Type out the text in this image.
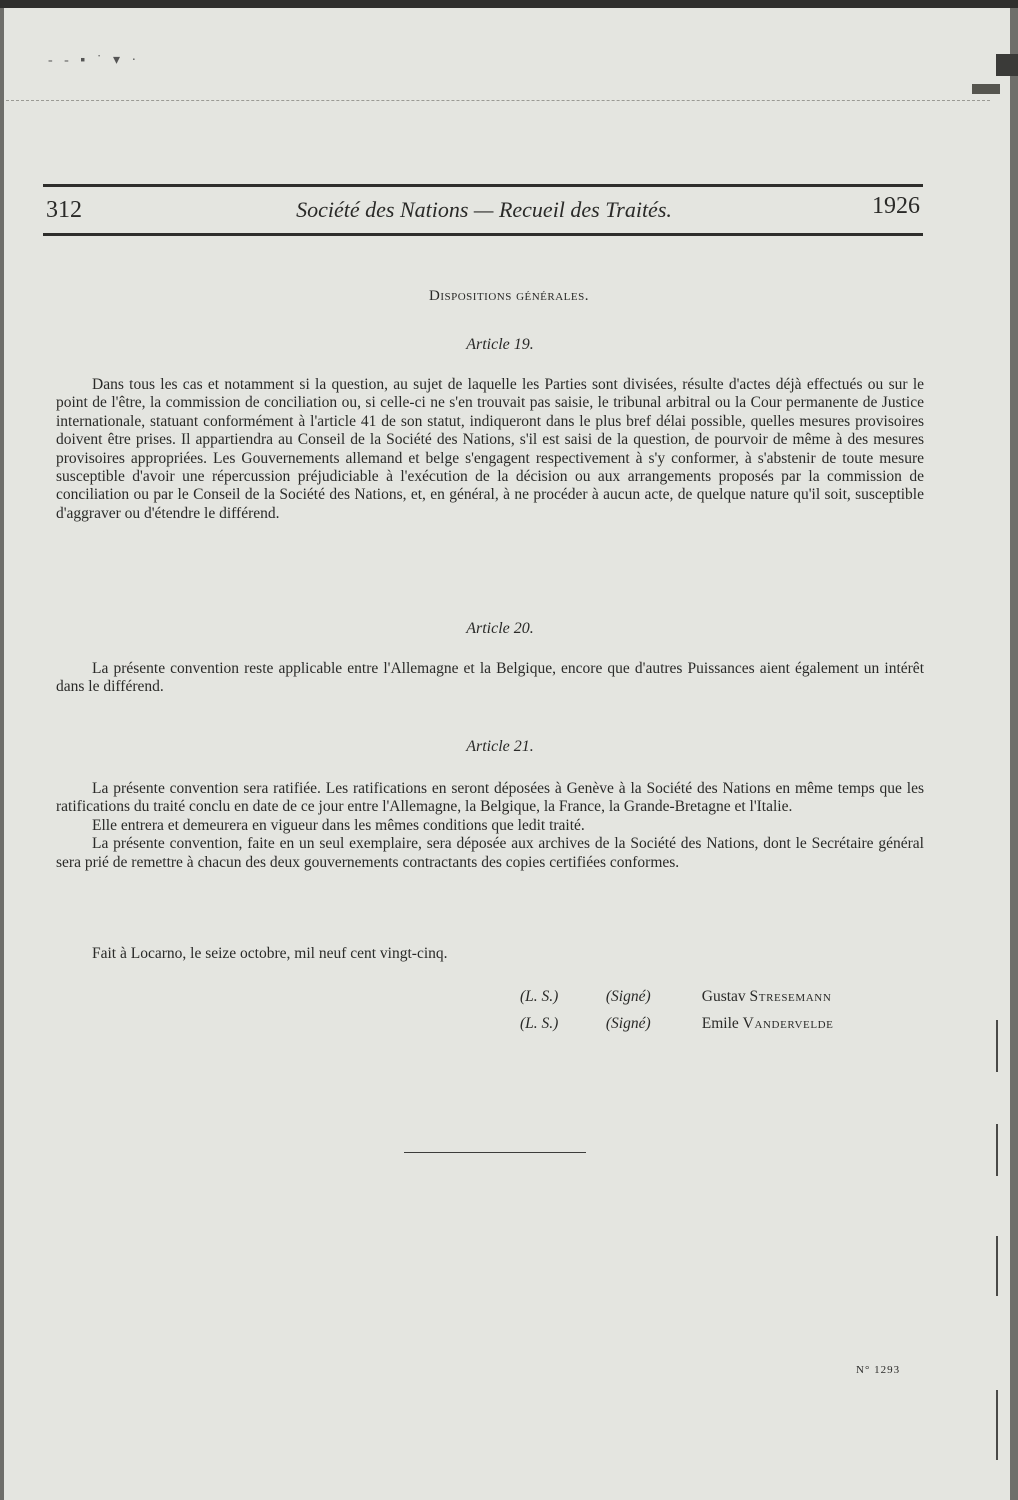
- - ▪ ˙ ▾ ·
312	Société des Nations — Recueil des Traités.	1926
Dispositions générales.
Article 19.

Dans tous les cas et notamment si la question, au sujet de laquelle les Parties sont divisées, résulte d'actes déjà effectués ou sur le point de l'être, la commission de conciliation ou, si celle-ci ne s'en trouvait pas saisie, le tribunal arbitral ou la Cour permanente de Justice internationale, statuant conformément à l'article 41 de son statut, indiqueront dans le plus bref délai possible, quelles mesures provisoires doivent être prises. Il appartiendra au Conseil de la Société des Nations, s'il est saisi de la question, de pourvoir de même à des mesures provisoires appropriées. Les Gouvernements allemand et belge s'engagent respectivement à s'y conformer, à s'abstenir de toute mesure susceptible d'avoir une répercussion préjudiciable à l'exécution de la décision ou aux arrangements proposés par la commission de conciliation ou par le Conseil de la Société des Nations, et, en général, à ne procéder à aucun acte, de quelque nature qu'il soit, susceptible d'aggraver ou d'étendre le différend.

Article 20.

La présente convention reste applicable entre l'Allemagne et la Belgique, encore que d'autres Puissances aient également un intérêt dans le différend.

Article 21.

La présente convention sera ratifiée. Les ratifications en seront déposées à Genève à la Société des Nations en même temps que les ratifications du traité conclu en date de ce jour entre l'Allemagne, la Belgique, la France, la Grande-Bretagne et l'Italie.

Elle entrera et demeurera en vigueur dans les mêmes conditions que ledit traité.

La présente convention, faite en un seul exemplaire, sera déposée aux archives de la Société des Nations, dont le Secrétaire général sera prié de remettre à chacun des deux gouvernements contractants des copies certifiées conformes.

Fait à Locarno, le seize octobre, mil neuf cent vingt-cinq.

(L. S.)	(Signé)	Gustav Stresemann
(L. S.)	(Signé)	Emile Vandervelde
N° 1293
